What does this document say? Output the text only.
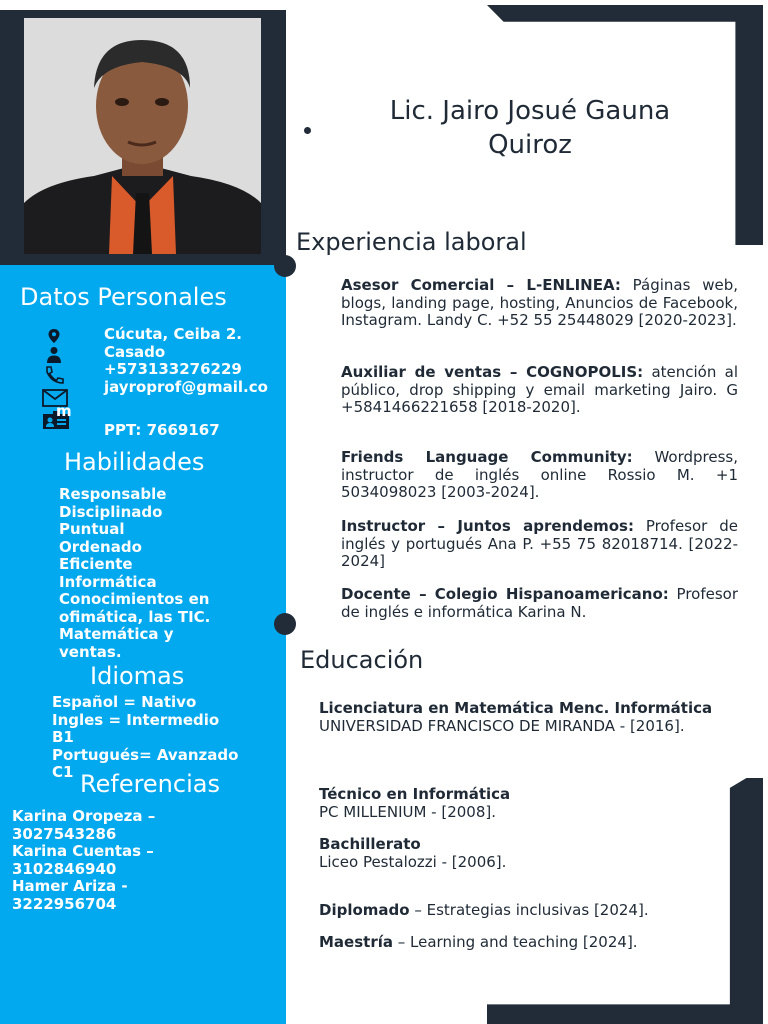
Datos Personales
Cúcuta, Ceiba 2.
Casado
+573133276229
jayroprof@gmail.co
m
PPT: 7669167
Habilidades
Responsable
Disciplinado
Puntual
Ordenado
Eficiente
Informática
Conocimientos en
ofimática, las TIC.
Matemática y
ventas.
Idiomas
Español = Nativo
Ingles = Intermedio
B1
Portugués= Avanzado
C1 Referencias
Karina Oropeza –
3027543286
Karina Cuentas –
3102846940
Hamer Ariza -
3222956704
Lic. Jairo Josué Gauna
Quiroz
Experiencia laboral
Asesor Comercial – L-ENLINEA: Páginas web, blogs, landing page, hosting, Anuncios de Facebook, Instagram. Landy C. +52 55 25448029 [2020-2023].
Auxiliar de ventas – COGNOPOLIS: atención al público, drop shipping y email marketing Jairo. G +5841466221658 [2018-2020].
Friends Language Community: Wordpress, instructor de inglés online Rossio M. +1 5034098023 [2003-2024].
Instructor – Juntos aprendemos: Profesor de inglés y portugués Ana P. +55 75 82018714. [2022-2024]
Docente – Colegio Hispanoamericano: Profesor de inglés e informática Karina N.
Educación
Licenciatura en Matemática Menc. Informática
UNIVERSIDAD FRANCISCO DE MIRANDA - [2016].
Técnico en Informática
PC MILLENIUM - [2008].
Bachillerato
Liceo Pestalozzi - [2006].
Diplomado – Estrategias inclusivas [2024].
Maestría – Learning and teaching [2024].
